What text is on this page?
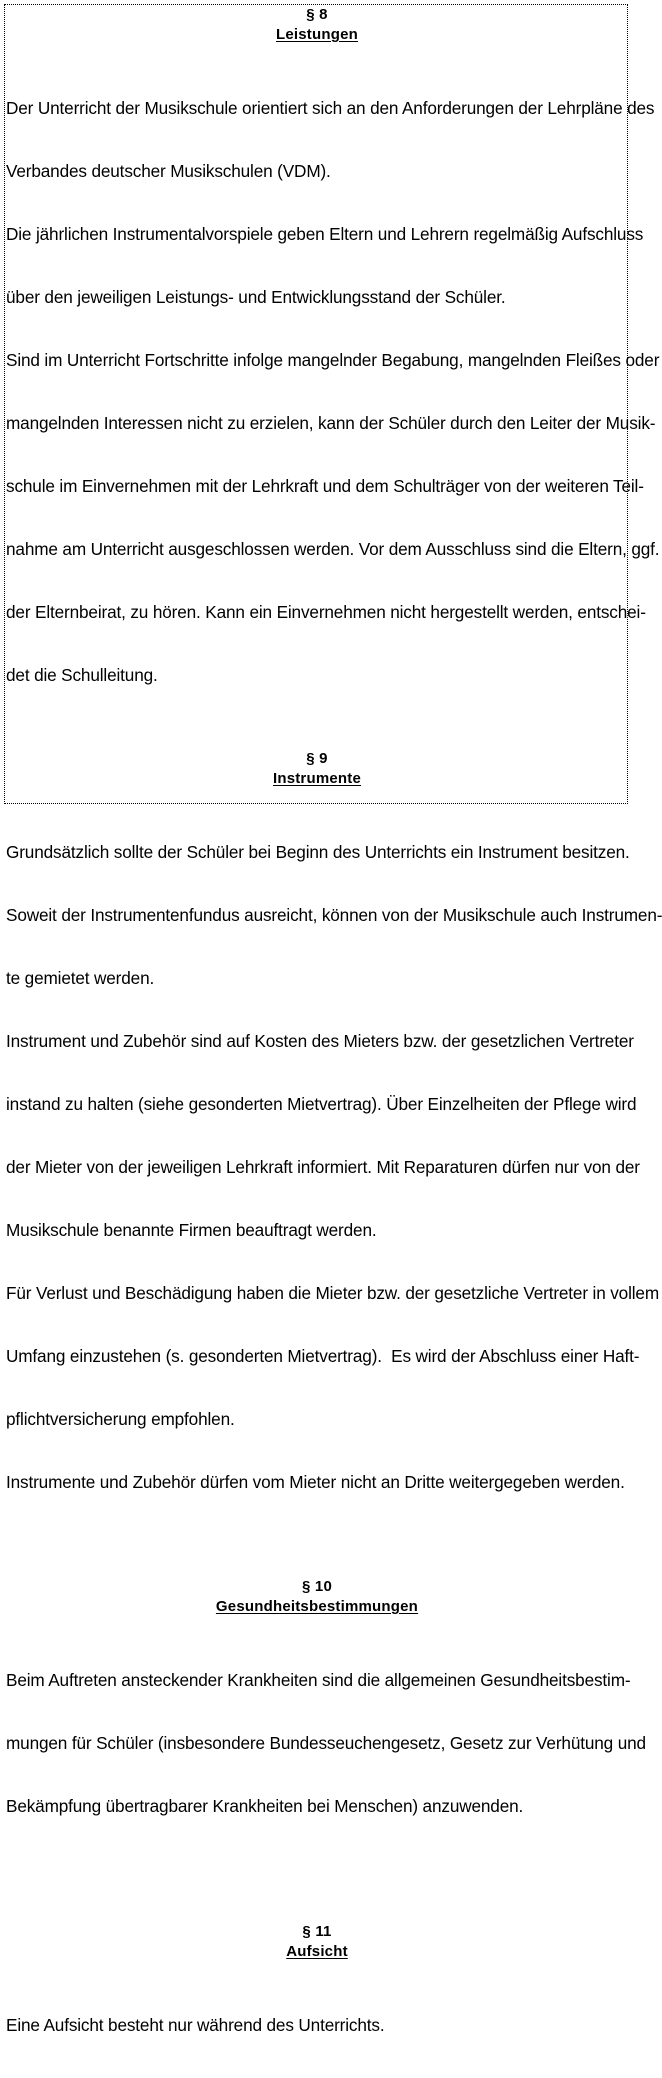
§ 8
Leistungen

Der Unterricht der Musikschule orientiert sich an den Anforderungen der Lehrpläne des

Verbandes deutscher Musikschulen (VDM).

Die jährlichen Instrumentalvorspiele geben Eltern und Lehrern regelmäßig Aufschluss

über den jeweiligen Leistungs- und Entwicklungsstand der Schüler.

Sind im Unterricht Fortschritte infolge mangelnder Begabung, mangelnden Fleißes oder

mangelnden Interessen nicht zu erzielen, kann der Schüler durch den Leiter der Musik-

schule im Einvernehmen mit der Lehrkraft und dem Schulträger von der weiteren Teil-

nahme am Unterricht ausgeschlossen werden. Vor dem Ausschluss sind die Eltern, ggf.

der Elternbeirat, zu hören. Kann ein Einvernehmen nicht hergestellt werden, entschei-

det die Schulleitung.

§ 9
Instrumente

Grundsätzlich sollte der Schüler bei Beginn des Unterrichts ein Instrument besitzen.

Soweit der Instrumentenfundus ausreicht, können von der Musikschule auch Instrumen-

te gemietet werden.

Instrument und Zubehör sind auf Kosten des Mieters bzw. der gesetzlichen Vertreter

instand zu halten (siehe gesonderten Mietvertrag). Über Einzelheiten der Pflege wird

der Mieter von der jeweiligen Lehrkraft informiert. Mit Reparaturen dürfen nur von der

Musikschule benannte Firmen beauftragt werden.

Für Verlust und Beschädigung haben die Mieter bzw. der gesetzliche Vertreter in vollem

Umfang einzustehen (s. gesonderten Mietvertrag).  Es wird der Abschluss einer Haft-

pflichtversicherung empfohlen.

Instrumente und Zubehör dürfen vom Mieter nicht an Dritte weitergegeben werden.

§ 10
Gesundheitsbestimmungen

Beim Auftreten ansteckender Krankheiten sind die allgemeinen Gesundheitsbestim-

mungen für Schüler (insbesondere Bundesseuchengesetz, Gesetz zur Verhütung und

Bekämpfung übertragbarer Krankheiten bei Menschen) anzuwenden.

§ 11
Aufsicht

Eine Aufsicht besteht nur während des Unterrichts.
